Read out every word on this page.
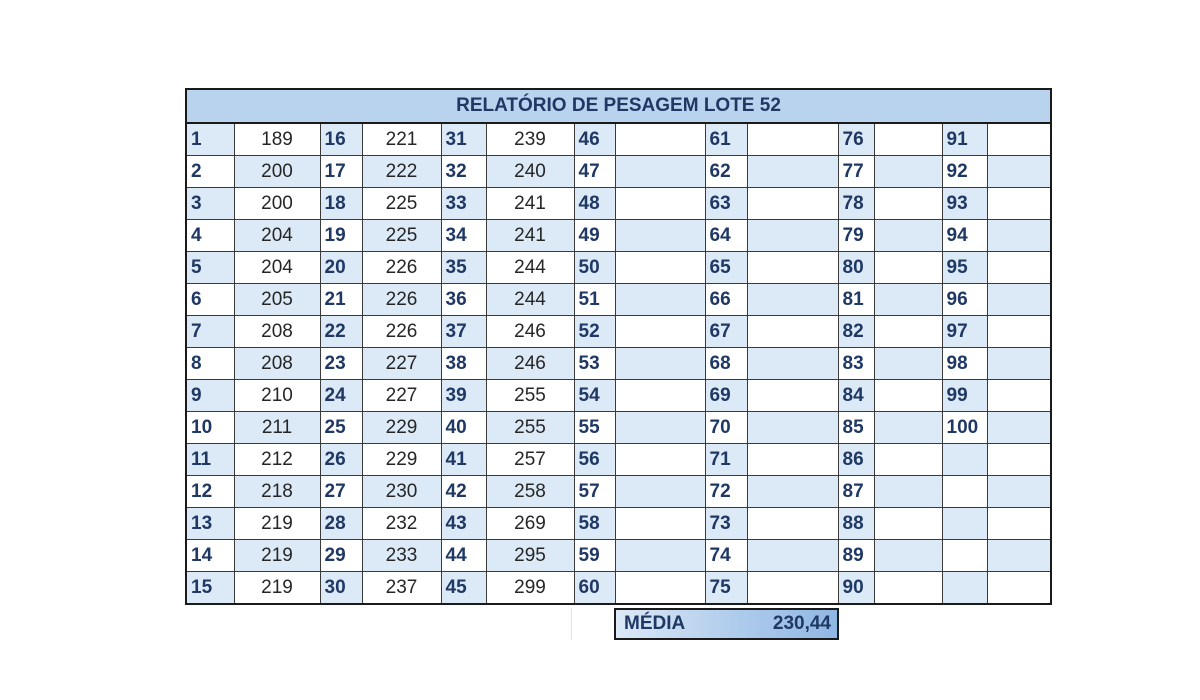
RELATÓRIO DE PESAGEM LOTE 52													
1	189	16	221	31	239	46		61		76		91	
2	200	17	222	32	240	47		62		77		92	
3	200	18	225	33	241	48		63		78		93	
4	204	19	225	34	241	49		64		79		94	
5	204	20	226	35	244	50		65		80		95	
6	205	21	226	36	244	51		66		81		96	
7	208	22	226	37	246	52		67		82		97	
8	208	23	227	38	246	53		68		83		98	
9	210	24	227	39	255	54		69		84		99	
10	211	25	229	40	255	55		70		85		100	
11	212	26	229	41	257	56		71		86			
12	218	27	230	42	258	57		72		87			
13	219	28	232	43	269	58		73		88			
14	219	29	233	44	295	59		74		89			
15	219	30	237	45	299	60		75		90			
MÉDIA	230,44
